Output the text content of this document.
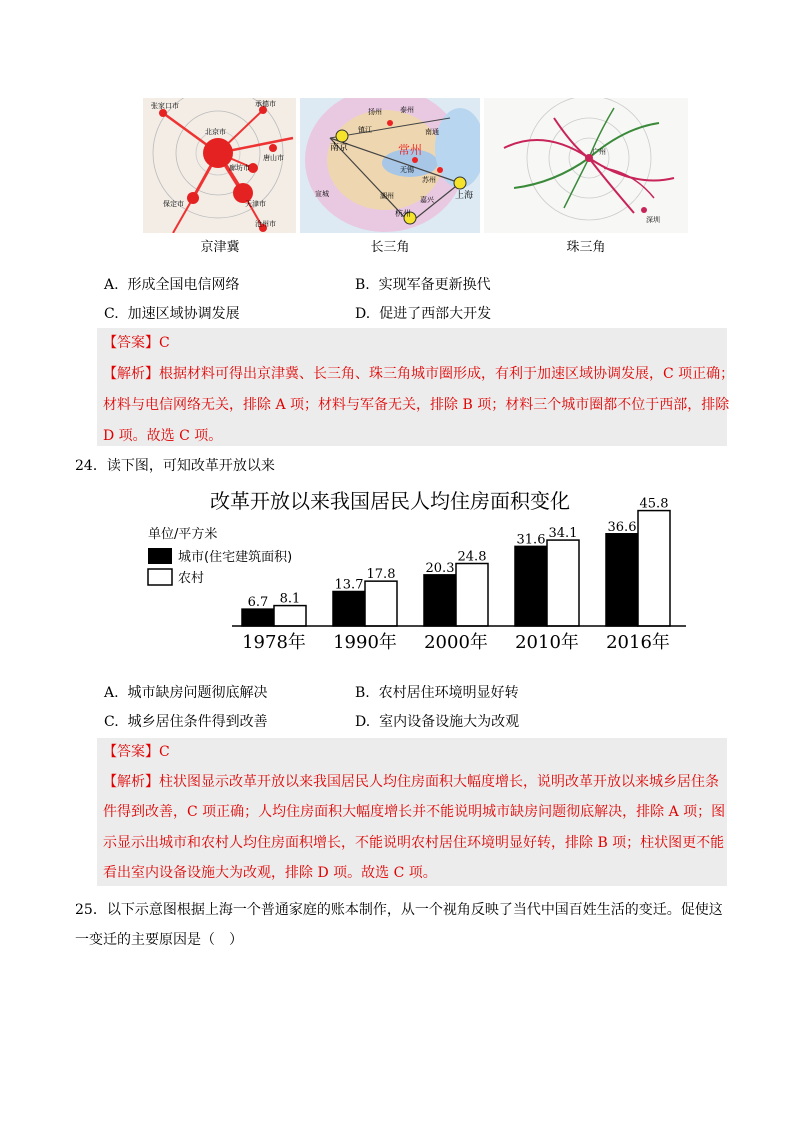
张家口市	承德市
北京市
廊坊市
唐山市
保定市	天津市
沧州市
南京
扬州	泰州
镇江	南通
常州
无锡
苏州
上海
湖州	嘉兴
杭州
宣城
广州
深圳
京津冀	长三角	珠三角
A. 形成全国电信网络	B. 实现军备更新换代
C. 加速区域协调发展	D. 促进了西部大开发
【答案】C
【解析】根据材料可得出京津冀、长三角、珠三角城市圈形成，有利于加速区域协调发展，C 项正确；
材料与电信网络无关，排除 A 项；材料与军备无关，排除 B 项；材料三个城市圈都不位于西部，排除
D 项。故选 C 项。
24．读下图，可知改革开放以来
改革开放以来我国居民人均住房面积变化
单位/平方米
城市(住宅建筑面积)
农村
6.7 8.1
1978年
13.7
17.8
1990年
20.3
24.8
2000年
31.6 34.1
2010年
36.6
45.8
2016年
A. 城市缺房问题彻底解决	B. 农村居住环境明显好转
C. 城乡居住条件得到改善	D. 室内设备设施大为改观
【答案】C
【解析】柱状图显示改革开放以来我国居民人均住房面积大幅度增长，说明改革开放以来城乡居住条
件得到改善，C 项正确；人均住房面积大幅度增长并不能说明城市缺房问题彻底解决，排除 A 项；图
示显示出城市和农村人均住房面积增长，不能说明农村居住环境明显好转，排除 B 项；柱状图更不能
看出室内设备设施大为改观，排除 D 项。故选 C 项。
25．以下示意图根据上海一个普通家庭的账本制作，从一个视角反映了当代中国百姓生活的变迁。促使这
一变迁的主要原因是（　）
